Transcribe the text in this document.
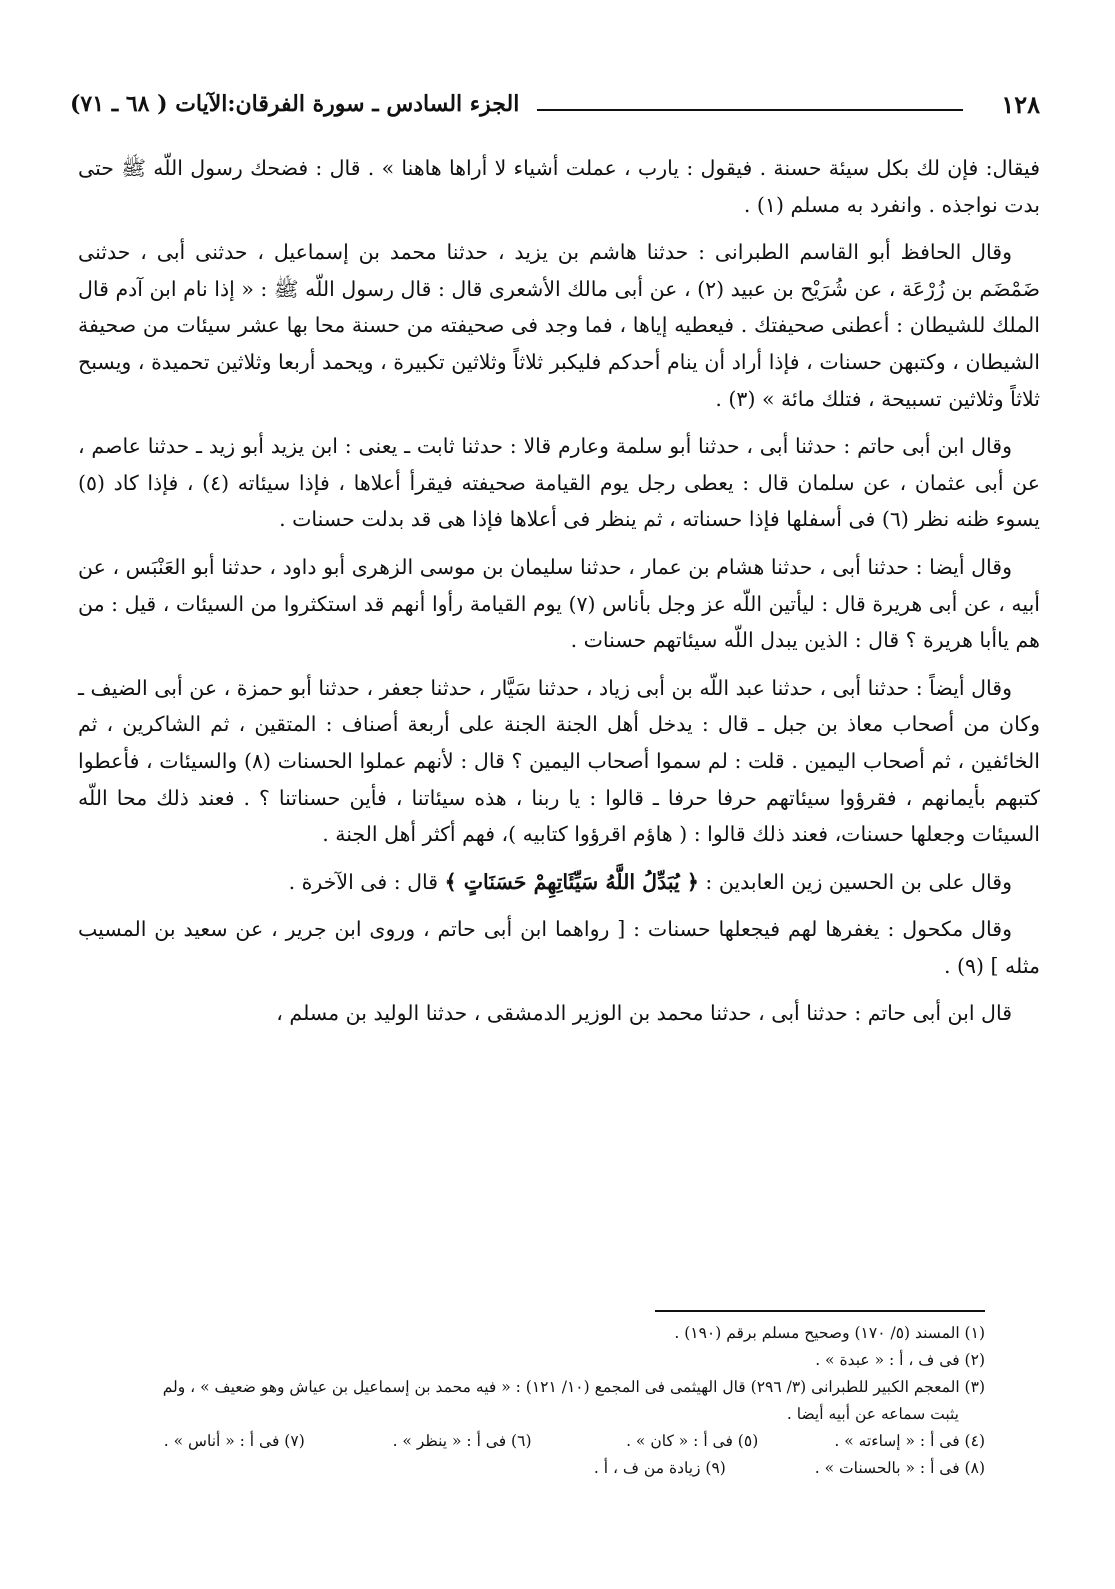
١٢٨
الجزء السادس ـ سورة الفرقان:الآيات ( ٦٨ ـ ٧١)

فيقال: فإن لك بكل سيئة حسنة . فيقول : يارب ، عملت أشياء لا أراها هاهنا » . قال : فضحك رسول اللّه ﷺ حتى بدت نواجذه . وانفرد به مسلم (١) .

وقال الحافظ أبو القاسم الطبرانى : حدثنا هاشم بن يزيد ، حدثنا محمد بن إسماعيل ، حدثنى أبى ، حدثنى ضَمْضَم بن زُرْعَة ، عن شُرَيْح بن عبيد (٢) ، عن أبى مالك الأشعرى قال : قال رسول اللّه ﷺ : « إذا نام ابن آدم قال الملك للشيطان : أعطنى صحيفتك . فيعطيه إياها ، فما وجد فى صحيفته من حسنة محا بها عشر سيئات من صحيفة الشيطان ، وكتبهن حسنات ، فإذا أراد أن ينام أحدكم فليكبر ثلاثاً وثلاثين تكبيرة ، ويحمد أربعا وثلاثين تحميدة ، ويسبح ثلاثاً وثلاثين تسبيحة ، فتلك مائة » (٣) .

وقال ابن أبى حاتم : حدثنا أبى ، حدثنا أبو سلمة وعارم قالا : حدثنا ثابت ـ يعنى : ابن يزيد أبو زيد ـ حدثنا عاصم ، عن أبى عثمان ، عن سلمان قال : يعطى رجل يوم القيامة صحيفته فيقرأ أعلاها ، فإذا سيئاته (٤) ، فإذا كاد (٥) يسوء ظنه نظر (٦) فى أسفلها فإذا حسناته ، ثم ينظر فى أعلاها فإذا هى قد بدلت حسنات .

وقال أيضا : حدثنا أبى ، حدثنا هشام بن عمار ، حدثنا سليمان بن موسى الزهرى أبو داود ، حدثنا أبو العَنْبَس ، عن أبيه ، عن أبى هريرة قال : ليأتين اللّه عز وجل بأناس (٧) يوم القيامة رأوا أنهم قد استكثروا من السيئات ، قيل : من هم ياأبا هريرة ؟ قال : الذين يبدل اللّه سيئاتهم حسنات .

وقال أيضاً : حدثنا أبى ، حدثنا عبد اللّه بن أبى زياد ، حدثنا سَيَّار ، حدثنا جعفر ، حدثنا أبو حمزة ، عن أبى الضيف ـ وكان من أصحاب معاذ بن جبل ـ قال : يدخل أهل الجنة الجنة على أربعة أصناف : المتقين ، ثم الشاكرين ، ثم الخائفين ، ثم أصحاب اليمين . قلت : لم سموا أصحاب اليمين ؟ قال : لأنهم عملوا الحسنات (٨) والسيئات ، فأعطوا كتبهم بأيمانهم ، فقرؤوا سيئاتهم حرفا حرفا ـ قالوا : يا ربنا ، هذه سيئاتنا ، فأين حسناتنا ؟ . فعند ذلك محا اللّه السيئات وجعلها حسنات، فعند ذلك قالوا : ( هاؤم اقرؤوا كتابيه )، فهم أكثر أهل الجنة .

وقال على بن الحسين زين العابدين : ﴿ يُبَدِّلُ اللَّهُ سَيِّئَاتِهِمْ حَسَنَاتٍ ﴾ قال : فى الآخرة .

وقال مكحول : يغفرها لهم فيجعلها حسنات : [ رواهما ابن أبى حاتم ، وروى ابن جرير ، عن سعيد بن المسيب مثله ] (٩) .

قال ابن أبى حاتم : حدثنا أبى ، حدثنا محمد بن الوزير الدمشقى ، حدثنا الوليد بن مسلم ،

(١) المسند (٥/ ١٧٠) وصحيح مسلم برقم (١٩٠) .

(٢) فى ف ، أ : « عبدة » .

(٣) المعجم الكبير للطبرانى (٣/ ٢٩٦) قال الهيثمى فى المجمع (١٠/ ١٢١) : « فيه محمد بن إسماعيل بن عياش وهو ضعيف » ، ولم

يثبت سماعه عن أبيه أيضا .

(٤) فى أ : « إساءته » .
(٥) فى أ : « كان » .
(٦) فى أ : « ينظر » .
(٧) فى أ : « أناس » .
(٨) فى أ : « بالحسنات » .
(٩) زيادة من ف ، أ .
